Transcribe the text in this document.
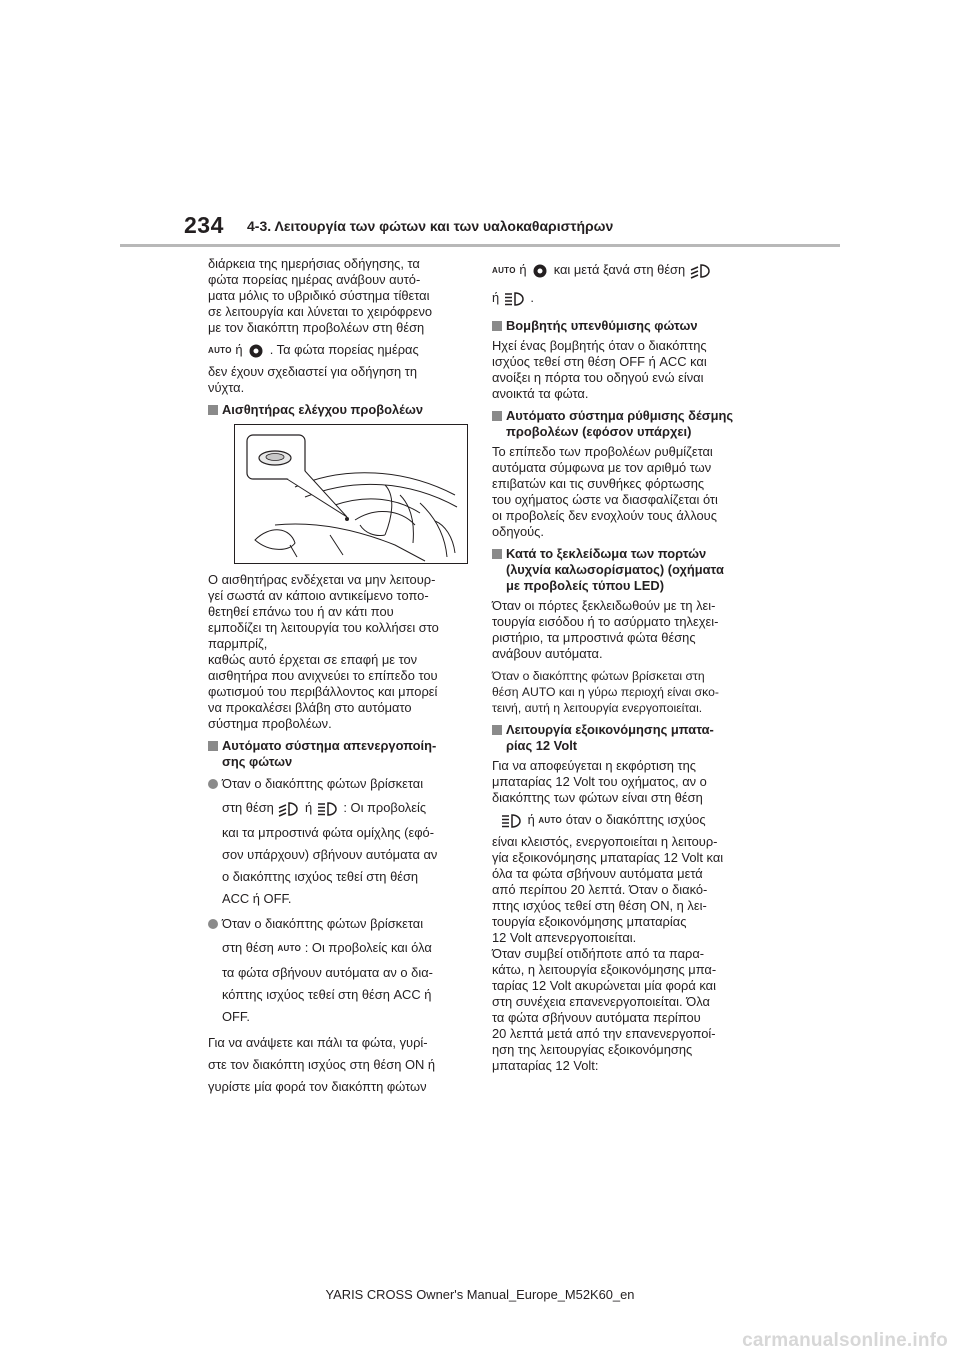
234 4-3. Λειτουργία των φώτων και των υαλοκαθαριστήρων
διάρκεια της ημερήσιας οδήγησης, τα
φώτα πορείας ημέρας ανάβουν αυτό-
ματα μόλις το υβριδικό σύστημα τίθεται
σε λειτουργία και λύνεται το χειρόφρενο
με τον διακόπτη προβολέων στη θέση
AUTO ή . Τα φώτα πορείας ημέρας
δεν έχουν σχεδιαστεί για οδήγηση τη
νύχτα.
Αισθητήρας ελέγχου προβολέων
Ο αισθητήρας ενδέχεται να μην λειτουρ-
γεί σωστά αν κάποιο αντικείμενο τοπο-
θετηθεί επάνω του ή αν κάτι που
εμποδίζει τη λειτουργία του κολλήσει στο
παρμπρίζ,
καθώς αυτό έρχεται σε επαφή με τον
αισθητήρα που ανιχνεύει το επίπεδο του
φωτισμού του περιβάλλοντος και μπορεί
να προκαλέσει βλάβη στο αυτόματο
σύστημα προβολέων.
Αυτόματο σύστημα απενεργοποίη-
σης φώτων
Όταν ο διακόπτης φώτων βρίσκεται
στη θέση ή : Οι προβολείς
και τα μπροστινά φώτα ομίχλης (εφό-
σον υπάρχουν) σβήνουν αυτόματα αν
ο διακόπτης ισχύος τεθεί στη θέση
ACC ή OFF.
Όταν ο διακόπτης φώτων βρίσκεται
στη θέση AUTO : Οι προβολείς και όλα
τα φώτα σβήνουν αυτόματα αν ο δια-
κόπτης ισχύος τεθεί στη θέση ACC ή
OFF.
Για να ανάψετε και πάλι τα φώτα, γυρί-
στε τον διακόπτη ισχύος στη θέση ON ή
γυρίστε μία φορά τον διακόπτη φώτων
AUTO ή και μετά ξανά στη θέση
ή .
Βομβητής υπενθύμισης φώτων
Ηχεί ένας βομβητής όταν ο διακόπτης
ισχύος τεθεί στη θέση OFF ή ACC και
ανοίξει η πόρτα του οδηγού ενώ είναι
ανοικτά τα φώτα.
Αυτόματο σύστημα ρύθμισης δέσμης
προβολέων (εφόσον υπάρχει)
Το επίπεδο των προβολέων ρυθμίζεται
αυτόματα σύμφωνα με τον αριθμό των
επιβατών και τις συνθήκες φόρτωσης
του οχήματος ώστε να διασφαλίζεται ότι
οι προβολείς δεν ενοχλούν τους άλλους
οδηγούς.
Κατά το ξεκλείδωμα των πορτών
(λυχνία καλωσορίσματος) (οχήματα
με προβολείς τύπου LED)
Όταν οι πόρτες ξεκλειδωθούν με τη λει-
τουργία εισόδου ή το ασύρματο τηλεχει-
ριστήριο, τα μπροστινά φώτα θέσης
ανάβουν αυτόματα.
Όταν ο διακόπτης φώτων βρίσκεται στη
θέση AUTO και η γύρω περιοχή είναι σκο-
τεινή, αυτή η λειτουργία ενεργοποιείται.
Λειτουργία εξοικονόμησης μπατα-
ρίας 12 Volt
Για να αποφεύγεται η εκφόρτιση της
μπαταρίας 12 Volt του οχήματος, αν ο
διακόπτης των φώτων είναι στη θέση
ή AUTO όταν ο διακόπτης ισχύος
είναι κλειστός, ενεργοποιείται η λειτουρ-
γία εξοικονόμησης μπαταρίας 12 Volt και
όλα τα φώτα σβήνουν αυτόματα μετά
από περίπου 20 λεπτά. Όταν ο διακό-
πτης ισχύος τεθεί στη θέση ON, η λει-
τουργία εξοικονόμησης μπαταρίας
12 Volt απενεργοποιείται.
Όταν συμβεί οτιδήποτε από τα παρα-
κάτω, η λειτουργία εξοικονόμησης μπα-
ταρίας 12 Volt ακυρώνεται μία φορά και
στη συνέχεια επανενεργοποιείται. Όλα
τα φώτα σβήνουν αυτόματα περίπου
20 λεπτά μετά από την επανενεργοποί-
ηση της λειτουργίας εξοικονόμησης
μπαταρίας 12 Volt:
YARIS CROSS Owner's Manual_Europe_M52K60_en
carmanualsonline.info
